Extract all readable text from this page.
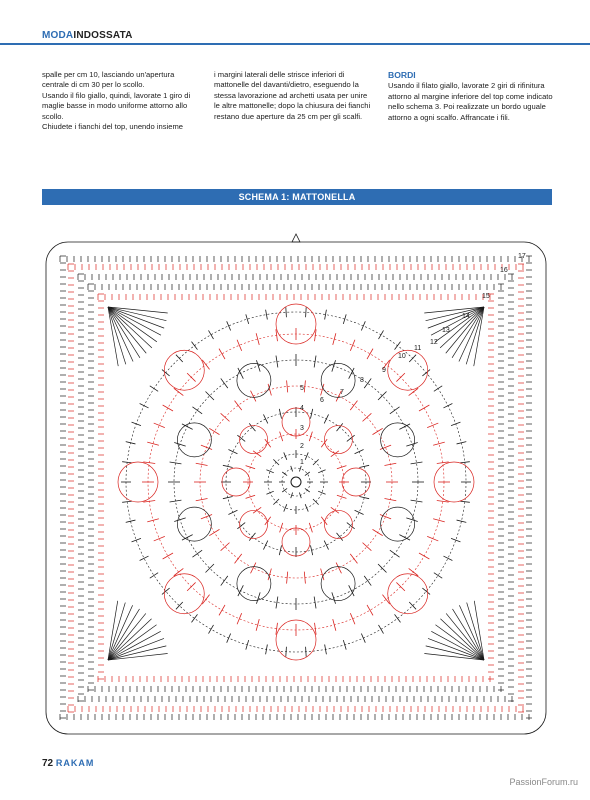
MODAINDOSSATA

spalle per cm 10, lasciando un'apertura centrale di cm 30 per lo scollo.

Usando il filo giallo, quindi, lavorate 1 giro di maglie basse in modo uniforme attorno allo scollo.

Chiudete i fianchi del top, unendo insieme

i margini laterali delle strisce inferiori di mattonelle del davanti/dietro, eseguendo la stessa lavorazione ad archetti usata per unire le altre mattonelle; dopo la chiusura dei fianchi restano due aperture da 25 cm per gli scalfi.

BORDI

Usando il filato giallo, lavorate 2 giri di rifinitura attorno al margine inferiore del top come indicato nello schema 3. Poi realizzate un bordo uguale attorno a ogni scalfo. Affrancate i fili.

SCHEMA 1: MATTONELLA
1
2
3
4
5
6
7
8
9
10
11
12
13
14
15
16
17
72 RAKAM
PassionForum.ru
